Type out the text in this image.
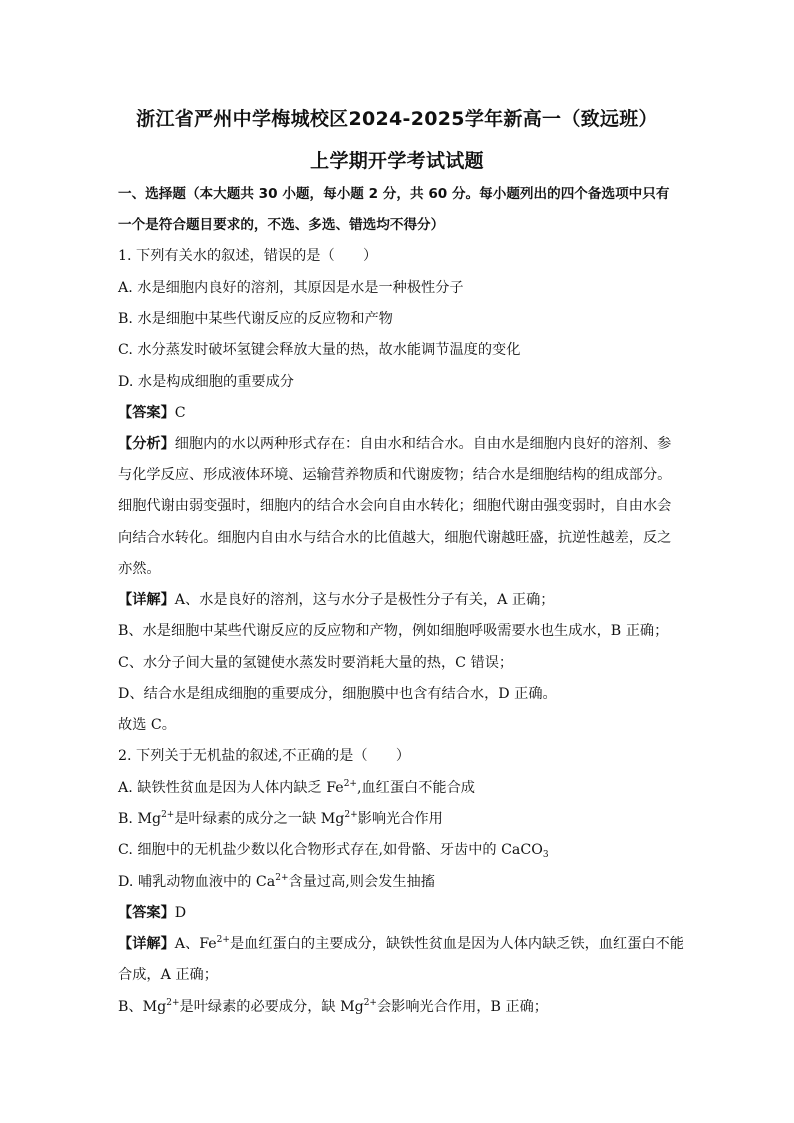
浙江省严州中学梅城校区2024-2025学年新高一（致远班）
上学期开学考试试题
一、选择题（本大题共 30 小题，每小题 2 分，共 60 分。每小题列出的四个备选项中只有
一个是符合题目要求的，不选、多选、错选均不得分）
1. 下列有关水的叙述，错误的是（　　）
A. 水是细胞内良好的溶剂，其原因是水是一种极性分子
B. 水是细胞中某些代谢反应的反应物和产物
C. 水分蒸发时破坏氢键会释放大量的热，故水能调节温度的变化
D. 水是构成细胞的重要成分
【答案】C
【分析】细胞内的水以两种形式存在：自由水和结合水。自由水是细胞内良好的溶剂、参
与化学反应、形成液体环境、运输营养物质和代谢废物；结合水是细胞结构的组成部分。
细胞代谢由弱变强时，细胞内的结合水会向自由水转化；细胞代谢由强变弱时，自由水会
向结合水转化。细胞内自由水与结合水的比值越大，细胞代谢越旺盛，抗逆性越差，反之
亦然。
【详解】A、水是良好的溶剂，这与水分子是极性分子有关，A 正确；
B、水是细胞中某些代谢反应的反应物和产物，例如细胞呼吸需要水也生成水，B 正确；
C、水分子间大量的氢键使水蒸发时要消耗大量的热，C 错误；
D、结合水是组成细胞的重要成分，细胞膜中也含有结合水，D 正确。
故选 C。
2. 下列关于无机盐的叙述,不正确的是（　　）
A. 缺铁性贫血是因为人体内缺乏 $Fe^{2+}$,血红蛋白不能合成
B. $Mg^{2+}$是叶绿素的成分之一缺 $Mg^{2+}$影响光合作用
C. 细胞中的无机盐少数以化合物形式存在,如骨骼、牙齿中的 CaCO$_3$
D. 哺乳动物血液中的 $Ca^{2+}$含量过高,则会发生抽搐
【答案】D
【详解】A、$Fe^{2+}$是血红蛋白的主要成分，缺铁性贫血是因为人体内缺乏铁，血红蛋白不能
合成，A 正确；
B、$Mg^{2+}$是叶绿素的必要成分，缺 $Mg^{2+}$会影响光合作用，B 正确；
